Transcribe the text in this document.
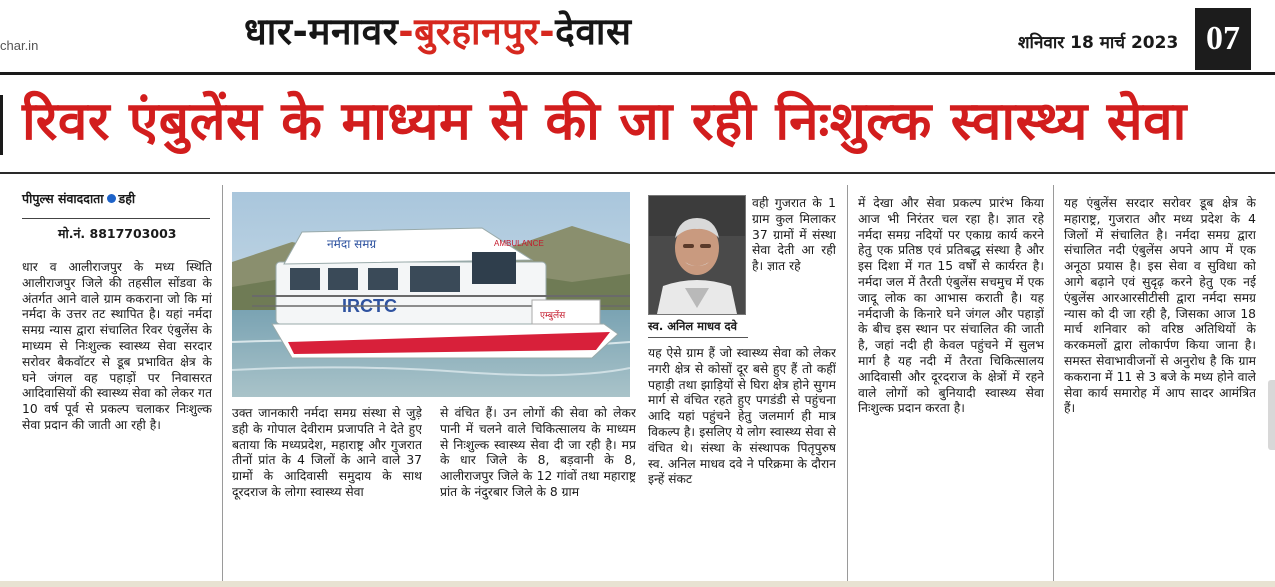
char.in	धार-मनावर-बुरहानपुर-देवास	शनिवार 18 मार्च 2023 07
रिवर एंबुलेंस के माध्यम से की जा रही निःशुल्क स्वास्थ्य सेवा
पीपुल्स संवाददाता डही
मो.नं. 8817703003
धार व आलीराजपुर के मध्य स्थिति आलीराजपुर जिले की तहसील सोंडवा के अंतर्गत आने वाले ग्राम ककराना जो कि मां नर्मदा के उत्तर तट स्थापित है। यहां नर्मदा समग्र न्यास द्वारा संचालित रिवर एंबुलेंस के माध्यम से निःशुल्क स्वास्थ्य सेवा सरदार सरोवर बैकवॉटर से डूब प्रभावित क्षेत्र के घने जंगल वह पहाड़ों पर निवासरत आदिवासियों की स्वास्थ्य सेवा को लेकर गत 10 वर्ष पूर्व से प्रकल्प चलाकर निःशुल्क सेवा प्रदान की जाती आ रही है।
नर्मदा समग्र	AMBULANCE
IRCTC	एम्बुलेंस
उक्त जानकारी नर्मदा समग्र संस्था से जुड़े डही के गोपाल देवीराम प्रजापति ने देते हुए बताया कि मध्यप्रदेश, महाराष्ट्र और गुजरात तीनों प्रांत के 4 जिलों के आने वाले 37 ग्रामों के आदिवासी समुदाय के साथ दूरदराज के लोगा स्वास्थ्य सेवा
से वंचित हैं। उन लोगों की सेवा को लेकर पानी में चलने वाले चिकित्सालय के माध्यम से निःशुल्क स्वास्थ्य सेवा दी जा रही है। मप्र के धार जिले के 8, बड़वानी के 8, आलीराजपुर जिले के 12 गांवों तथा महाराष्ट्र प्रांत के नंदुरबार जिले के 8 ग्राम
स्व. अनिल माधव दवे
वही गुजरात के 1 ग्राम कुल मिलाकर 37 ग्रामों में संस्था सेवा देती आ रही है। ज्ञात रहे
यह ऐसे ग्राम हैं जो स्वास्थ्य सेवा को लेकर नगरी क्षेत्र से कोसों दूर बसे हुए हैं तो कहीं पहाड़ी तथा झाड़ियों से घिरा क्षेत्र होने सुगम मार्ग से वंचित रहते हुए पगडंडी से पहुंचना आदि यहां पहुंचने हेतु जलमार्ग ही मात्र विकल्प है। इसलिए ये लोग स्वास्थ्य सेवा से वंचित थे। संस्था के संस्थापक पितृपुरुष स्व. अनिल माधव दवे ने परिक्रमा के दौरान इन्हें संकट
में देखा और सेवा प्रकल्प प्रारंभ किया आज भी निरंतर चल रहा है। ज्ञात रहे नर्मदा समग्र नदियों पर एकाग्र कार्य करने हेतु एक प्रतिष्ठ एवं प्रतिबद्ध संस्था है और इस दिशा में गत 15 वर्षों से कार्यरत है। नर्मदा जल में तैरती एंबुलेंस सचमुच में एक जादू लोक का आभास कराती है। यह नर्मदाजी के किनारे घने जंगल और पहाड़ों के बीच इस स्थान पर संचालित की जाती है, जहां नदी ही केवल पहुंचने में सुलभ मार्ग है यह नदी में तैरता चिकित्सालय आदिवासी और दूरदराज के क्षेत्रों में रहने वाले लोगों को बुनियादी स्वास्थ्य सेवा निःशुल्क प्रदान करता है।
यह एंबुलेंस सरदार सरोवर डूब क्षेत्र के महाराष्ट्र, गुजरात और मध्य प्रदेश के 4 जिलों में संचालित है। नर्मदा समग्र द्वारा संचालित नदी एंबुलेंस अपने आप में एक अनूठा प्रयास है। इस सेवा व सुविधा को आगे बढ़ाने एवं सुदृढ़ करने हेतु एक नई एंबुलेंस आरआरसीटीसी द्वारा नर्मदा समग्र न्यास को दी जा रही है, जिसका आज 18 मार्च शनिवार को वरिष्ठ अतिथियों के करकमलों द्वारा लोकार्पण किया जाना है। समस्त सेवाभावीजनों से अनुरोध है कि ग्राम ककराना में 11 से 3 बजे के मध्य होने वाले सेवा कार्य समारोह में आप सादर आमंत्रित हैं।
